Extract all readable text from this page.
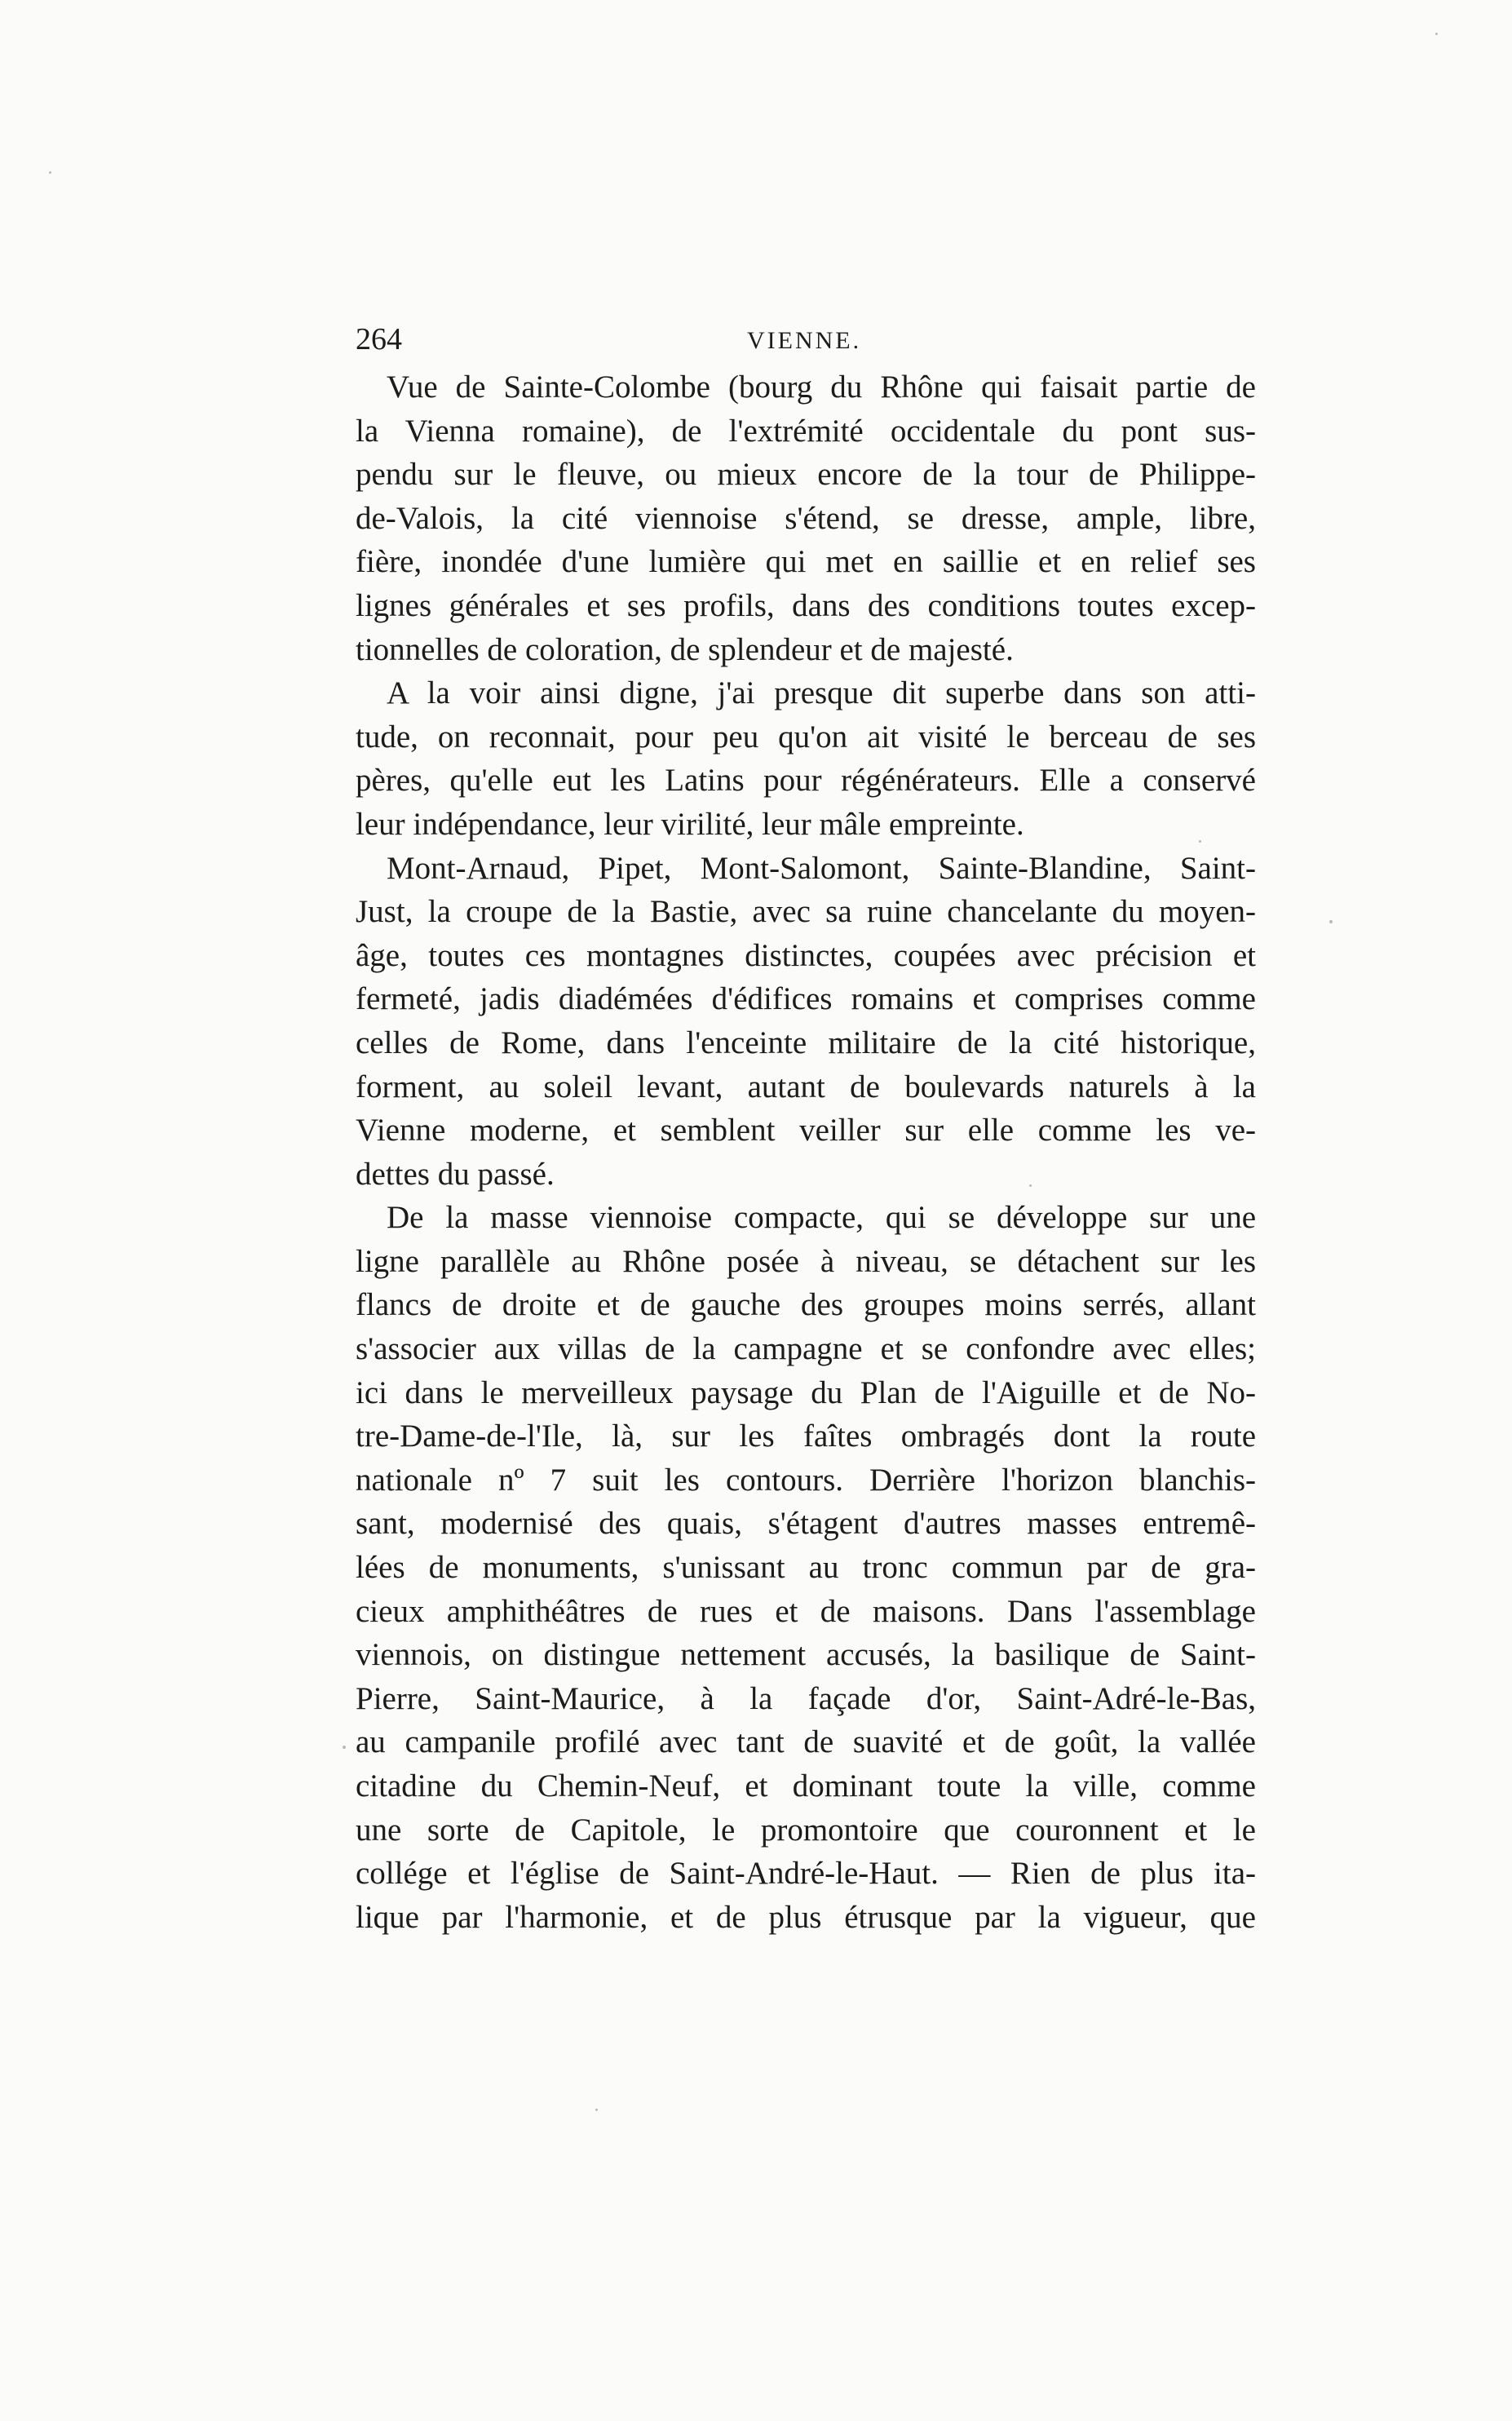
264	VIENNE.
Vue de Sainte-Colombe (bourg du Rhône qui faisait partie de
la Vienna romaine), de l'extrémité occidentale du pont sus-
pendu sur le fleuve, ou mieux encore de la tour de Philippe-
de-Valois, la cité viennoise s'étend, se dresse, ample, libre,
fière, inondée d'une lumière qui met en saillie et en relief ses
lignes générales et ses profils, dans des conditions toutes excep-
tionnelles de coloration, de splendeur et de majesté.
A la voir ainsi digne, j'ai presque dit superbe dans son atti-
tude, on reconnait, pour peu qu'on ait visité le berceau de ses
pères, qu'elle eut les Latins pour régénérateurs. Elle a conservé
leur indépendance, leur virilité, leur mâle empreinte.
Mont-Arnaud, Pipet, Mont-Salomont, Sainte-Blandine, Saint-
Just, la croupe de la Bastie, avec sa ruine chancelante du moyen-
âge, toutes ces montagnes distinctes, coupées avec précision et
fermeté, jadis diadémées d'édifices romains et comprises comme
celles de Rome, dans l'enceinte militaire de la cité historique,
forment, au soleil levant, autant de boulevards naturels à la
Vienne moderne, et semblent veiller sur elle comme les ve-
dettes du passé.
De la masse viennoise compacte, qui se développe sur une
ligne parallèle au Rhône posée à niveau, se détachent sur les
flancs de droite et de gauche des groupes moins serrés, allant
s'associer aux villas de la campagne et se confondre avec elles;
ici dans le merveilleux paysage du Plan de l'Aiguille et de No-
tre-Dame-de-l'Ile, là, sur les faîtes ombragés dont la route
nationale nº 7 suit les contours. Derrière l'horizon blanchis-
sant, modernisé des quais, s'étagent d'autres masses entremê-
lées de monuments, s'unissant au tronc commun par de gra-
cieux amphithéâtres de rues et de maisons. Dans l'assemblage
viennois, on distingue nettement accusés, la basilique de Saint-
Pierre, Saint-Maurice, à la façade d'or, Saint-Adré-le-Bas,
au campanile profilé avec tant de suavité et de goût, la vallée
citadine du Chemin-Neuf, et dominant toute la ville, comme
une sorte de Capitole, le promontoire que couronnent et le
collége et l'église de Saint-André-le-Haut. — Rien de plus ita-
lique par l'harmonie, et de plus étrusque par la vigueur, que
